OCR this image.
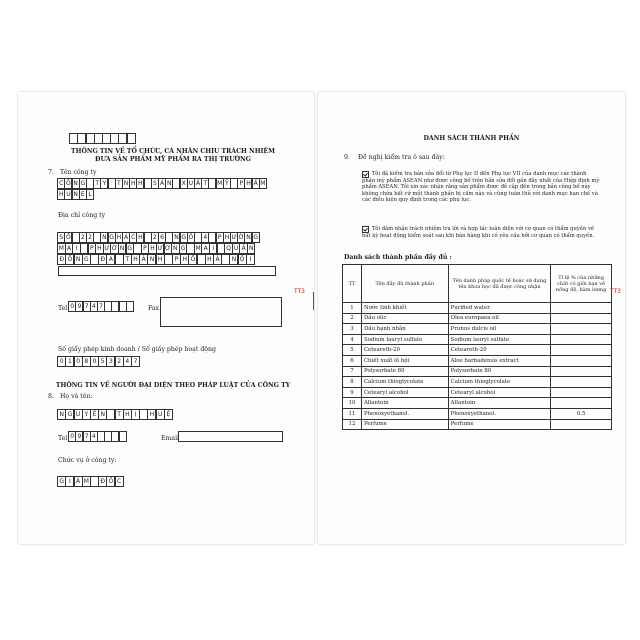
THÔNG TIN VỀ TỔ CHỨC, CÁ NHÂN CHỊU TRÁCH NHIỆM
ĐƯA SẢN PHẨM MỸ PHẨM RA THỊ TRƯỜNG
7. Tên công ty
C Ô N G	T Y	T N H H	S Ả N	X U Ấ T	M Ỹ	P H Ẩ M
H U N E L
Địa chỉ công ty
S Ố	2 2	N G H Á C H	2 6	N G Õ	4	P H Ư Ờ N G
M A I	P H Ư Ơ N G	P H Ư Ơ N G	M A I	Q U Ậ N
Đ Ố N G	Đ A	T H À N H	P H Ố	H À	N Ộ I
Tel 0 9 7 4 7	Fax
Số giấy phép kinh doanh / Số giấy phép hoạt động
0 1 0 8 0 5 3 2 4 7
THÔNG TIN VỀ NGƯỜI ĐẠI DIỆN THEO PHÁP LUẬT CỦA CÔNG TY
8. Họ và tên:
N G U Y Ễ N	T H Ị	H U Ệ
Tel 0 9 7 4	Email
Chức vụ ở công ty:
G I Á M	Đ Ố C
TT3
DANH SÁCH THÀNH PHẦN
9. Đề nghị kiểm tra ô sau đây:
Tôi đã kiểm tra bản sửa đổi từ Phụ lục II đến Phụ lục VII của danh mục các thành phần mỹ phẩm ASEAN như được công bố trên bản sửa đổi gần đây nhất của Hiệp định mỹ phẩm ASEAN. Tôi xin xác nhận rằng sản phẩm được đề cập đến trong bản công bố này không chứa bất cứ một thành phần bị cấm nào và cũng tuân thủ với danh mục hạn chế và các điều kiện quy định trong các phụ lục.
Tôi đảm nhận trách nhiệm tra lời và hợp tác toàn diện với cơ quan có thẩm quyền về bất kỳ hoạt động kiểm soát sau khi bán hàng khi có yêu cầu bởi cơ quan có thẩm quyền.
Danh sách thành phần đầy đủ :
TT	Tên đầy đủ thành phần	Tên danh pháp quốc tế hoặc sử dụng tên khoa học đã được công nhận	Tỉ lệ % của những chất có giới hạn về nồng độ, hàm lượng
1	Nước tinh khiết	Purified water	
2	Dầu olic	Olea europaea oil	
3	Dầu hạnh nhân	Prunus dulcis oil	
4	Sodium lauryl sulfate	Sodium lauryl sulfate	
5	Ceteareth-20	Ceteareth-20	
6	Chiết xuất lô hội	Aloe barbadensis extract	
7	Polysorbate 80	Polysorbate 80	
8	Calcium thioglycolate	Calcium thioglycolate	
9	Cetearyl alcohol	Cetearyl alcohol	
10	Allantoin	Allantoin	
11	Phenoxyethanol.	Phenoxyethanol.	0.5
12	Perfume	Perfume	
TT3
